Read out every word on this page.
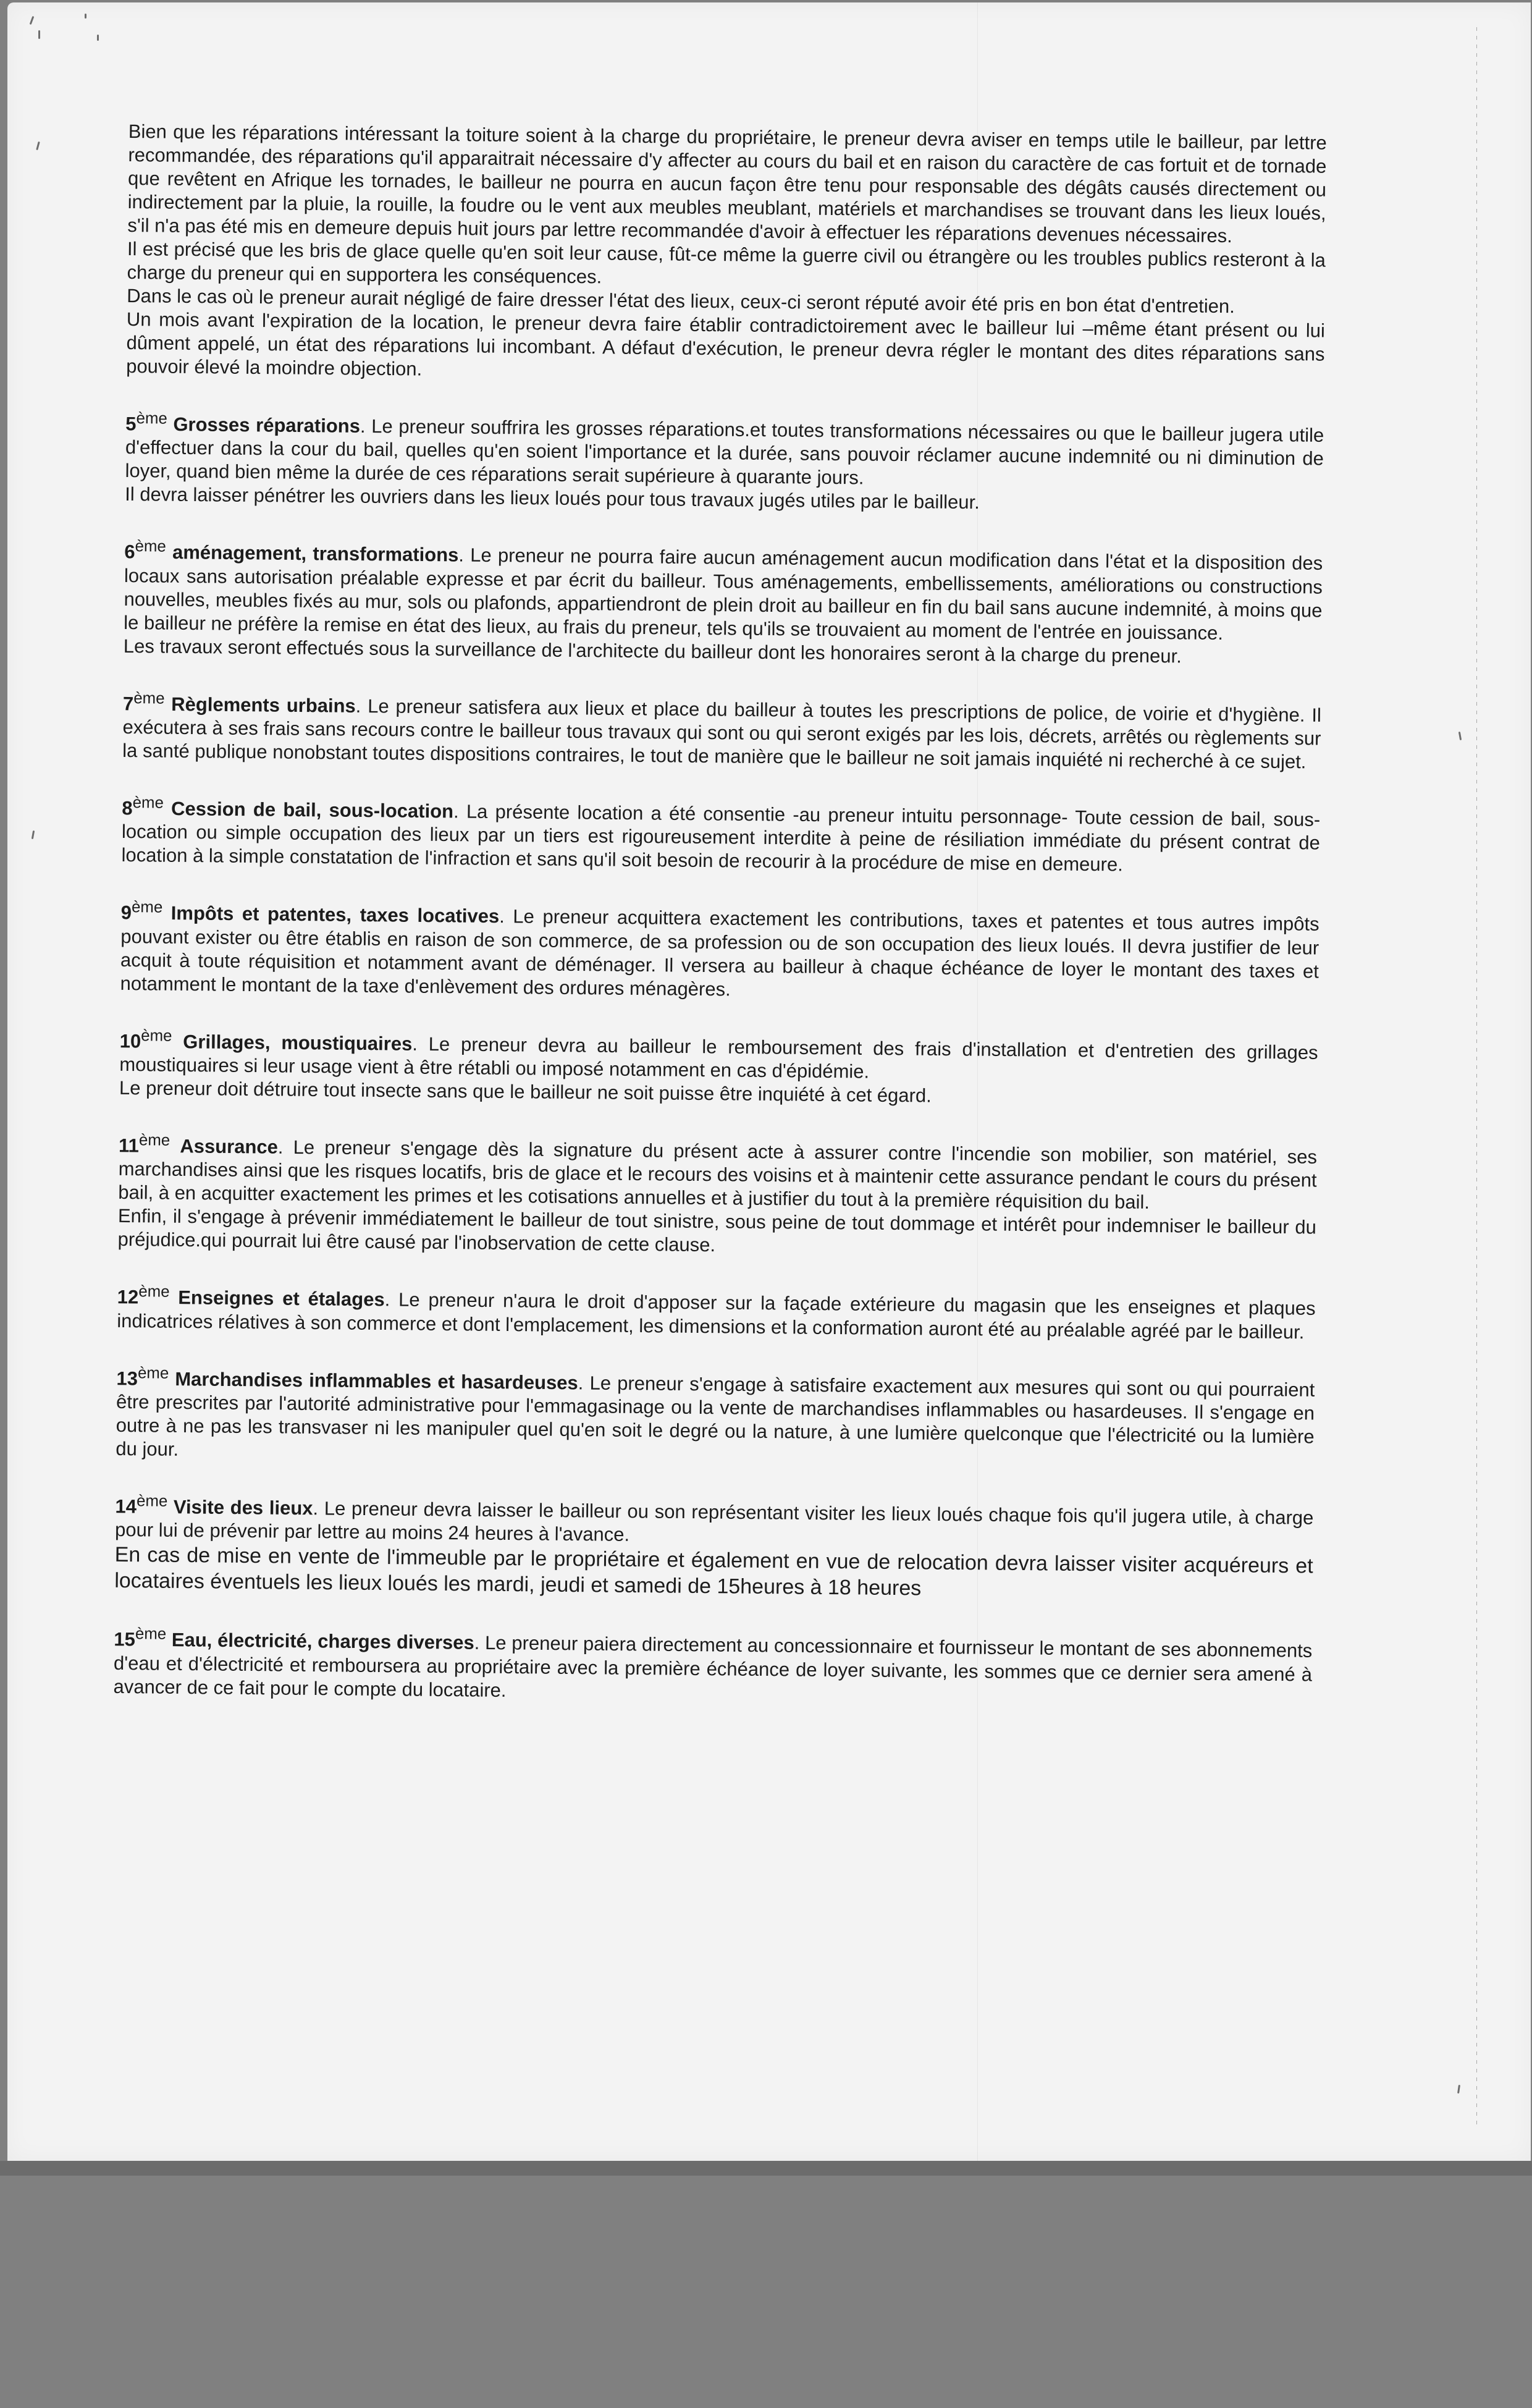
Bien que les réparations intéressant la toiture soient à la charge du propriétaire, le preneur devra aviser en temps utile le bailleur, par lettre recommandée, des réparations qu'il apparaitrait nécessaire d'y affecter au cours du bail et en raison du caractère de cas fortuit et de tornade que revêtent en Afrique les tornades, le bailleur ne pourra en aucun façon être tenu pour responsable des dégâts causés directement ou indirectement par la pluie, la rouille, la foudre ou le vent aux meubles meublant, matériels et marchandises se trouvant dans les lieux loués, s'il n'a pas été mis en demeure depuis huit jours par lettre recommandée d'avoir à effectuer les réparations devenues nécessaires.

Il est précisé que les bris de glace quelle qu'en soit leur cause, fût-ce même la guerre civil ou étrangère ou les troubles publics resteront à la charge du preneur qui en supportera les conséquences.

Dans le cas où le preneur aurait négligé de faire dresser l'état des lieux, ceux-ci seront réputé avoir été pris en bon état d'entretien.

Un mois avant l'expiration de la location, le preneur devra faire établir contradictoirement avec le bailleur lui –même étant présent ou lui dûment appelé, un état des réparations lui incombant. A défaut d'exécution, le preneur devra régler le montant des dites réparations sans pouvoir élevé la moindre objection.

5ème Grosses réparations. Le preneur souffrira les grosses réparations.et toutes transformations nécessaires ou que le bailleur jugera utile d'effectuer dans la cour du bail, quelles qu'en soient l'importance et la durée, sans pouvoir réclamer aucune indemnité ou ni diminution de loyer, quand bien même la durée de ces réparations serait supérieure à quarante jours.

Il devra laisser pénétrer les ouvriers dans les lieux loués pour tous travaux jugés utiles par le bailleur.

6ème aménagement, transformations. Le preneur ne pourra faire aucun aménagement aucun modification dans l'état et la disposition des locaux sans autorisation préalable expresse et par écrit du bailleur. Tous aménagements, embellissements, améliorations ou constructions nouvelles, meubles fixés au mur, sols ou plafonds, appartiendront de plein droit au bailleur en fin du bail sans aucune indemnité, à moins que le bailleur ne préfère la remise en état des lieux, au frais du preneur, tels qu'ils se trouvaient au moment de l'entrée en jouissance.

Les travaux seront effectués sous la surveillance de l'architecte du bailleur dont les honoraires seront à la charge du preneur.

7ème Règlements urbains. Le preneur satisfera aux lieux et place du bailleur à toutes les prescriptions de police, de voirie et d'hygiène. Il exécutera à ses frais sans recours contre le bailleur tous travaux qui sont ou qui seront exigés par les lois, décrets, arrêtés ou règlements sur la santé publique nonobstant toutes dispositions contraires, le tout de manière que le bailleur ne soit jamais inquiété ni recherché à ce sujet.

8ème Cession de bail, sous-location. La présente location a été consentie -au preneur intuitu personnage- Toute cession de bail, sous-location ou simple occupation des lieux par un tiers est rigoureusement interdite à peine de résiliation immédiate du présent contrat de location à la simple constatation de l'infraction et sans qu'il soit besoin de recourir à la procédure de mise en demeure.

9ème Impôts et patentes, taxes locatives. Le preneur acquittera exactement les contributions, taxes et patentes et tous autres impôts pouvant exister ou être établis en raison de son commerce, de sa profession ou de son occupation des lieux loués. Il devra justifier de leur acquit à toute réquisition et notamment avant de déménager. Il versera au bailleur à chaque échéance de loyer le montant des taxes et notamment le montant de la taxe d'enlèvement des ordures ménagères.

10ème Grillages, moustiquaires. Le preneur devra au bailleur le remboursement des frais d'installation et d'entretien des grillages moustiquaires si leur usage vient à être rétabli ou imposé notamment en cas d'épidémie.

Le preneur doit détruire tout insecte sans que le bailleur ne soit puisse être inquiété à cet égard.

11ème Assurance. Le preneur s'engage dès la signature du présent acte à assurer contre l'incendie son mobilier, son matériel, ses marchandises ainsi que les risques locatifs, bris de glace et le recours des voisins et à maintenir cette assurance pendant le cours du présent bail, à en acquitter exactement les primes et les cotisations annuelles et à justifier du tout à la première réquisition du bail.

Enfin, il s'engage à prévenir immédiatement le bailleur de tout sinistre, sous peine de tout dommage et intérêt pour indemniser le bailleur du préjudice.qui pourrait lui être causé par l'inobservation de cette clause.

12ème Enseignes et étalages. Le preneur n'aura le droit d'apposer sur la façade extérieure du magasin que les enseignes et plaques indicatrices rélatives à son commerce et dont l'emplacement, les dimensions et la conformation auront été au préalable agréé par le bailleur.

13ème Marchandises inflammables et hasardeuses. Le preneur s'engage à satisfaire exactement aux mesures qui sont ou qui pourraient être prescrites par l'autorité administrative pour l'emmagasinage ou la vente de marchandises inflammables ou hasardeuses. Il s'engage en outre à ne pas les transvaser ni les manipuler quel qu'en soit le degré ou la nature, à une lumière quelconque que l'électricité ou la lumière du jour.

14ème Visite des lieux. Le preneur devra laisser le bailleur ou son représentant visiter les lieux loués chaque fois qu'il jugera utile, à charge pour lui de prévenir par lettre au moins 24 heures à l'avance.

En cas de mise en vente de l'immeuble par le propriétaire et également en vue de relocation devra laisser visiter acquéreurs et locataires éventuels les lieux loués les mardi, jeudi et samedi de 15heures à 18 heures

15ème Eau, électricité, charges diverses. Le preneur paiera directement au concessionnaire et fournisseur le montant de ses abonnements d'eau et d'électricité et remboursera au propriétaire avec la première échéance de loyer suivante, les sommes que ce dernier sera amené à avancer de ce fait pour le compte du locataire.
